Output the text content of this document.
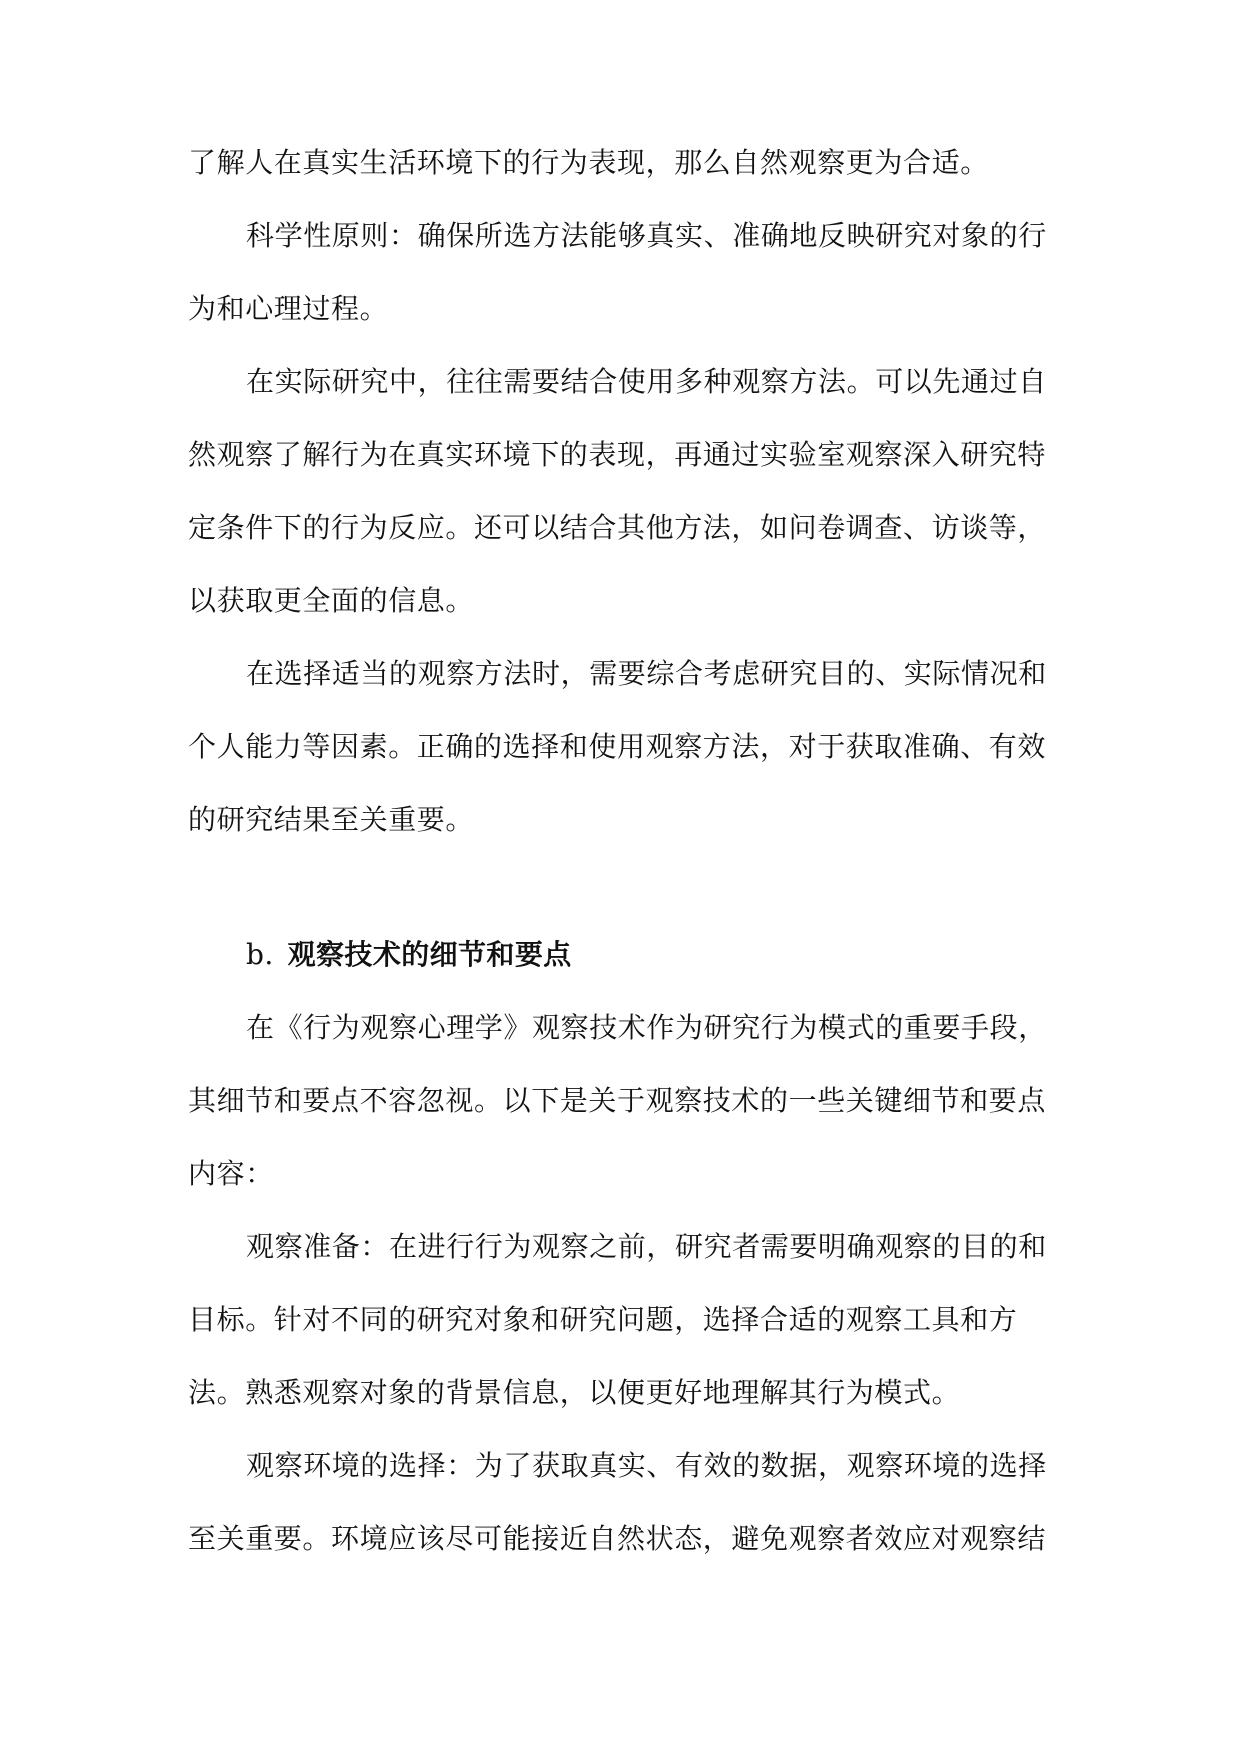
了解人在真实生活环境下的行为表现，那么自然观察更为合适。

科学性原则：确保所选方法能够真实、准确地反映研究对象的行为和心理过程。

在实际研究中，往往需要结合使用多种观察方法。可以先通过自然观察了解行为在真实环境下的表现，再通过实验室观察深入研究特定条件下的行为反应。还可以结合其他方法，如问卷调查、访谈等，以获取更全面的信息。

在选择适当的观察方法时，需要综合考虑研究目的、实际情况和个人能力等因素。正确的选择和使用观察方法，对于获取准确、有效的研究结果至关重要。

b. 观察技术的细节和要点

在《行为观察心理学》观察技术作为研究行为模式的重要手段，其细节和要点不容忽视。以下是关于观察技术的一些关键细节和要点内容：

观察准备：在进行行为观察之前，研究者需要明确观察的目的和目标。针对不同的研究对象和研究问题，选择合适的观察工具和方法。熟悉观察对象的背景信息，以便更好地理解其行为模式。

观察环境的选择：为了获取真实、有效的数据，观察环境的选择至关重要。环境应该尽可能接近自然状态，避免观察者效应对观察结
